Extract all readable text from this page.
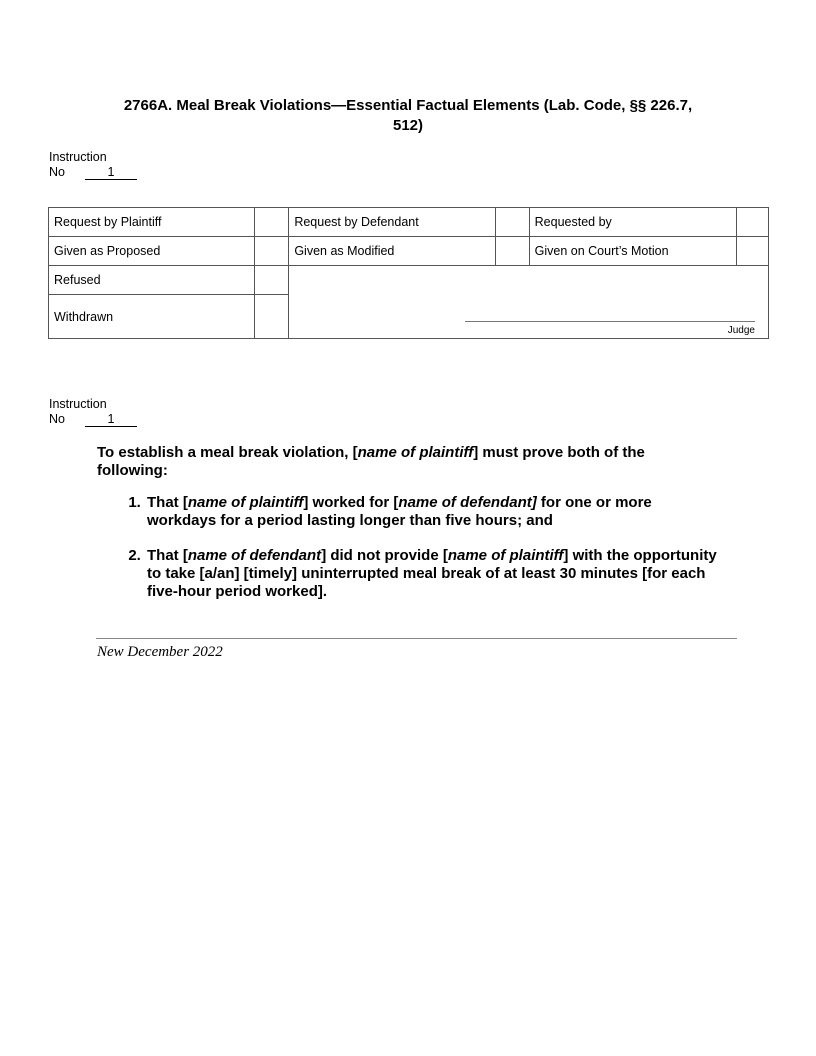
2766A. Meal Break Violations—Essential Factual Elements (Lab. Code, §§ 226.7, 512)
Instruction
No	1
Request by Plaintiff		Request by Defendant		Requested by	
Given as Proposed		Given as Modified		Given on Court’s Motion	
Refused		Judge			

Withdrawn					
Instruction
No	1

To establish a meal break violation, [name of plaintiff] must prove both of the following:

1. That [name of plaintiff] worked for [name of defendant] for one or more workdays for a period lasting longer than five hours; and
2. That [name of defendant] did not provide [name of plaintiff] with the opportunity to take [a/an] [timely] uninterrupted meal break of at least 30 minutes [for each five-hour period worked].
New December 2022
